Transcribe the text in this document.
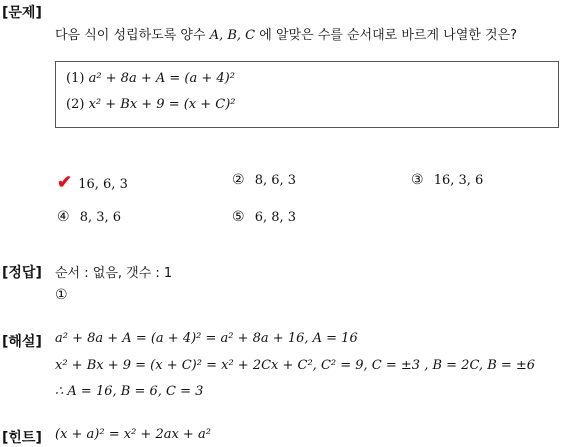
[문제]
[정답]
[해설]
[힌트]
다음 식이 성립하도록 양수 A, B, C 에 알맞은 수를 순서대로 바르게 나열한 것은?
(1) a² + 8a + A = (a + 4)²
(2) x² + Bx + 9 = (x + C)²
✔ 16, 6, 3	② 8, 6, 3	③ 16, 3, 6
④ 8, 3, 6	⑤ 6, 8, 3
순서 : 없음, 갯수 : 1
①
a² + 8a + A = (a + 4)² = a² + 8a + 16, A = 16
x² + Bx + 9 = (x + C)² = x² + 2Cx + C², C² = 9, C = ±3 , B = 2C, B = ±6
∴ A = 16, B = 6, C = 3
(x + a)² = x² + 2ax + a²
